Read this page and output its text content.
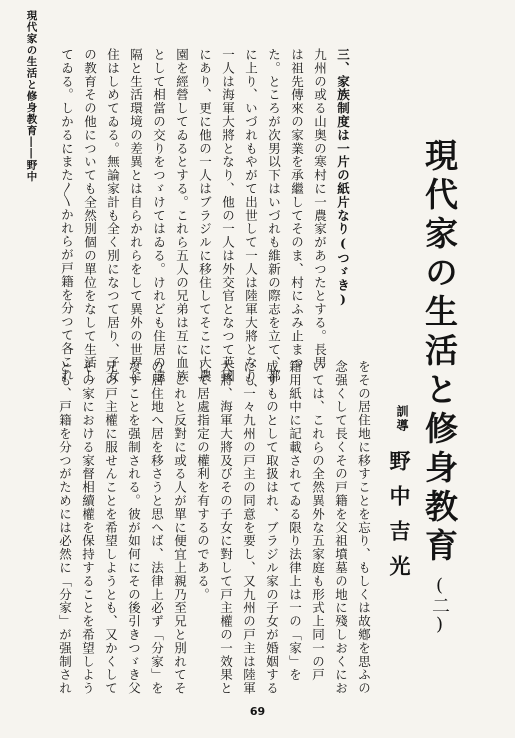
現代家の生活と修身教育――野中
現代家の生活と修身教育(二)
訓導
野中吉光
三、家族制度は一片の紙片なり(つゞき)
九州の或る山奥の寒村に一農家があつたとする。長男
は祖先傳來の家業を承繼してそのま、村にふみ止まつ
た。ところが次男以下はいづれも維新の際志を立て、都
に上り、いづれもやがて出世して一人は陸軍大將となり、
一人は海軍大將となり、他の一人は外交官となつて英國
にあり、更に他の一人はブラジルに移住してそこに大農
園を經營してゐるとする。これら五人の兄弟は互に血族
として相當の交りをつゞけてはゐる。けれども住居の遠
隔と生活環境の差異とは自らかれらをして異外の世界に
住はしめてゐる。無論家計も全く別になつて居り、子女
の教育その他についても全然別個の單位をなして生活し
てゐる。しかるにまた〳〵かれらが戸籍を分つて各これ
をその居住地に移すことを忘り、もしくは故鄕を思ふの
念强くして長くその戸籍を父祖墳墓の地に殘しおくにお
いては、これらの全然異外な五家庭も形式上同一の戸
籍用紙中に記載されてゐる限り法律上は一の「家」を
成すものとして取扱はれ、ブラジル家の子女が婚姻する
にも一々九州の戸主の同意を要し、又九州の戸主は陸軍
大將、海軍大將及びその子女に對して戸主權の一效果と
して居處指定の權利を有するのである。
　これと反對に或る人が單に便宜上親乃至兄と別れてそ
の居住地へ居を移さうと思へば、法律上必ず「分家」を
なすことを强制される。彼が如何にその後引きつゞき父
兄の戸主權に服せんことを希望しようとも、又かくして
その家における家督相續權を保持することを希望しよう
とも、戸籍を分つがためには必然に「分家」が强制され
69
